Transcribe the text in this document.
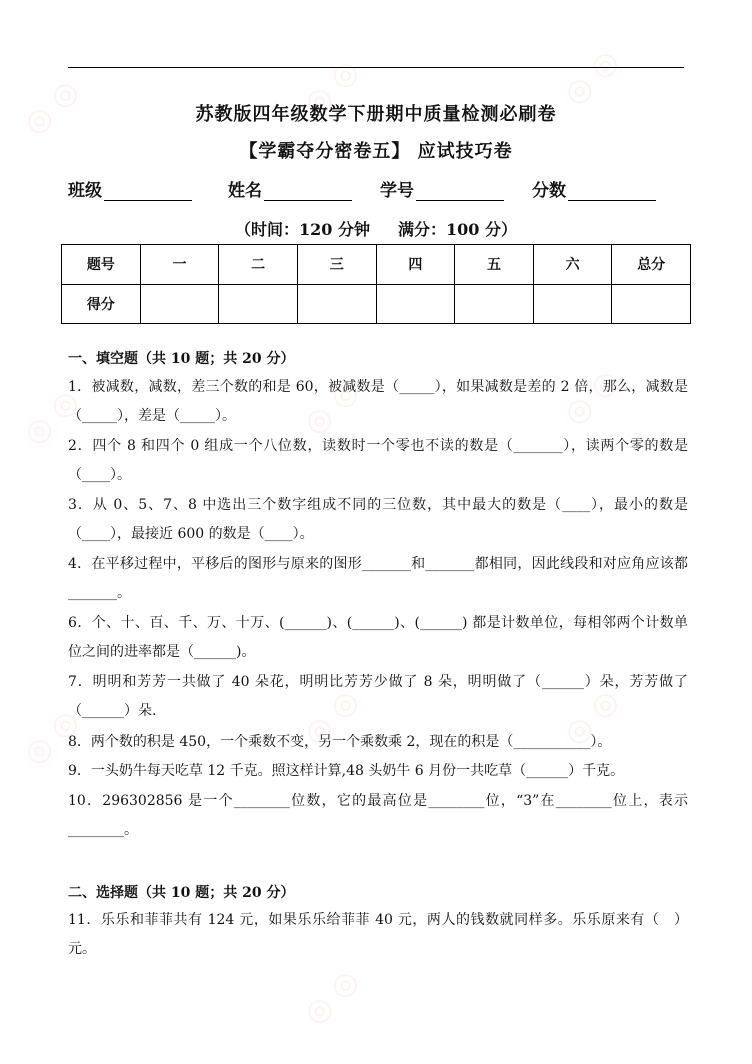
◎ ◎	◎ ◎	◎ ◎
◎ ◎	◎ ◎	◎ ◎
◎ ◎	◎ ◎	◎ ◎
◎ ◎
苏教版四年级数学下册期中质量检测必刷卷
【学霸夺分密卷五】 应试技巧卷
班级	姓名	学号	分数
（时间：120 分钟 满分：100 分）
题号	一	二	三	四	五	六	总分
得分							
一、填空题（共 10 题；共 20 分）
1．被减数，减数，差三个数的和是 60，被减数是（_____），如果减数是差的 2 倍，那么，减数是（_____），差是（_____）。
2．四个 8 和四个 0 组成一个八位数，读数时一个零也不读的数是（_______），读两个零的数是（____）。
3．从 0、5、7、8 中选出三个数字组成不同的三位数，其中最大的数是（____），最小的数是（____），最接近 600 的数是（____）。
4．在平移过程中，平移后的图形与原来的图形_______和_______都相同，因此线段和对应角应该都_______。
6．个、十、百、千、万、十万、(______)、(______)、(______) 都是计数单位，每相邻两个计数单位之间的进率都是（______)。
7．明明和芳芳一共做了 40 朵花，明明比芳芳少做了 8 朵，明明做了（______）朵，芳芳做了（______）朵.
8．两个数的积是 450，一个乘数不变，另一个乘数乘 2，现在的积是（___________）。
9．一头奶牛每天吃草 12 千克。照这样计算,48 头奶牛 6 月份一共吃草（______）千克。
10．296302856 是一个________位数，它的最高位是________位，“3”在________位上，表示________。
二、选择题（共 10 题；共 20 分）
11．乐乐和菲菲共有 124 元，如果乐乐给菲菲 40 元，两人的钱数就同样多。乐乐原来有（　）元。
